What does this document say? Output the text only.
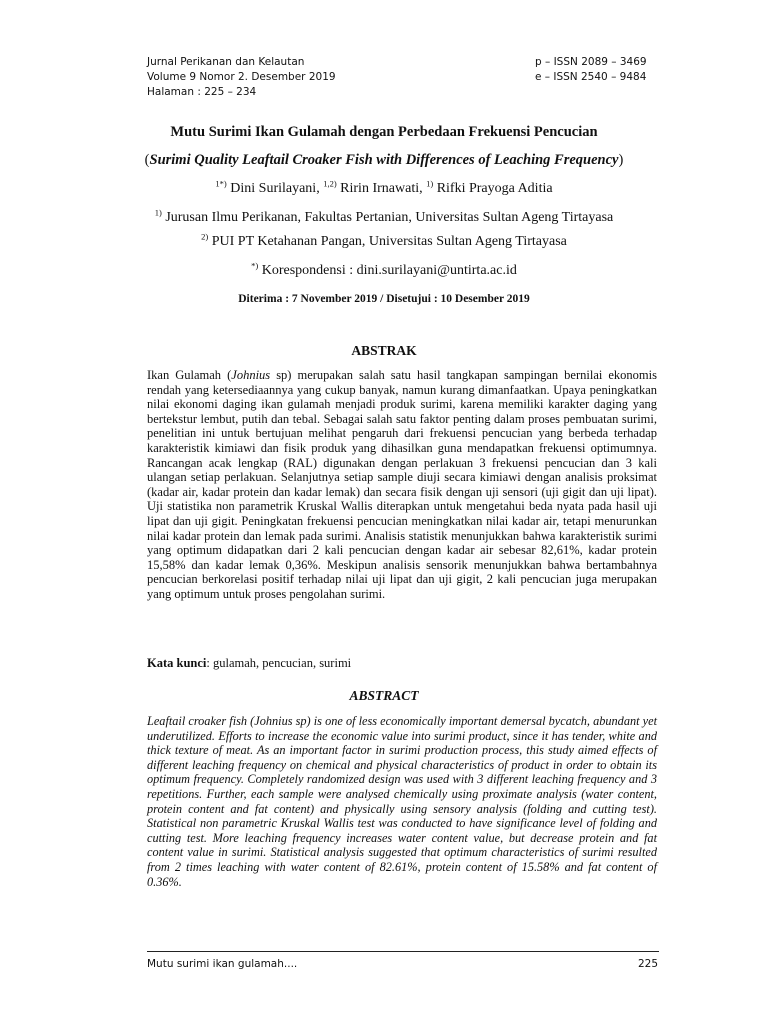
Jurnal Perikanan dan Kelautan
Volume 9 Nomor 2. Desember 2019
Halaman : 225 – 234
p – ISSN 2089 – 3469
e – ISSN 2540 – 9484
Mutu Surimi Ikan Gulamah dengan Perbedaan Frekuensi Pencucian
(Surimi Quality Leaftail Croaker Fish with Differences of Leaching Frequency)
$^{1*)}$ Dini Surilayani, $^{1,2)}$ Ririn Irnawati, $^{1)}$ Rifki Prayoga Aditia
$^{1)}$ Jurusan Ilmu Perikanan, Fakultas Pertanian, Universitas Sultan Ageng Tirtayasa
$^{2)}$ PUI PT Ketahanan Pangan, Universitas Sultan Ageng Tirtayasa
*) Korespondensi : dini.surilayani@untirta.ac.id
Diterima : 7 November 2019 / Disetujui : 10 Desember 2019
ABSTRAK
Ikan Gulamah (Johnius sp) merupakan salah satu hasil tangkapan sampingan bernilai ekonomis rendah yang ketersediaannya yang cukup banyak, namun kurang dimanfaatkan. Upaya peningkatkan nilai ekonomi daging ikan gulamah menjadi produk surimi, karena memiliki karakter daging yang bertekstur lembut, putih dan tebal. Sebagai salah satu faktor penting dalam proses pembuatan surimi, penelitian ini untuk bertujuan melihat pengaruh dari frekuensi pencucian yang berbeda terhadap karakteristik kimiawi dan fisik produk yang dihasilkan guna mendapatkan frekuensi optimumnya. Rancangan acak lengkap (RAL) digunakan dengan perlakuan 3 frekuensi pencucian dan 3 kali ulangan setiap perlakuan. Selanjutnya setiap sample diuji secara kimiawi dengan analisis proksimat (kadar air, kadar protein dan kadar lemak) dan secara fisik dengan uji sensori (uji gigit dan uji lipat). Uji statistika non parametrik Kruskal Wallis diterapkan untuk mengetahui beda nyata pada hasil uji lipat dan uji gigit. Peningkatan frekuensi pencucian meningkatkan nilai kadar air, tetapi menurunkan nilai kadar protein dan lemak pada surimi. Analisis statistik menunjukkan bahwa karakteristik surimi yang optimum didapatkan dari 2 kali pencucian dengan kadar air sebesar 82,61%, kadar protein 15,58% dan kadar lemak 0,36%. Meskipun analisis sensorik menunjukkan bahwa bertambahnya pencucian berkorelasi positif terhadap nilai uji lipat dan uji gigit, 2 kali pencucian juga merupakan yang optimum untuk proses pengolahan surimi.
Kata kunci: gulamah, pencucian, surimi
ABSTRACT
Leaftail croaker fish (Johnius sp) is one of less economically important demersal bycatch, abundant yet underutilized. Efforts to increase the economic value into surimi product, since it has tender, white and thick texture of meat. As an important factor in surimi production process, this study aimed effects of different leaching frequency on chemical and physical characteristics of product in order to obtain its optimum frequency. Completely randomized design was used with 3 different leaching frequency and 3 repetitions. Further, each sample were analysed chemically using proximate analysis (water content, protein content and fat content) and physically using sensory analysis (folding and cutting test). Statistical non parametric Kruskal Wallis test was conducted to have significance level of folding and cutting test. More leaching frequency increases water content value, but decrease protein and fat content value in surimi. Statistical analysis suggested that optimum characteristics of surimi resulted from 2 times leaching with water content of 82.61%, protein content of 15.58% and fat content of 0.36%.
Mutu surimi ikan gulamah....	225
